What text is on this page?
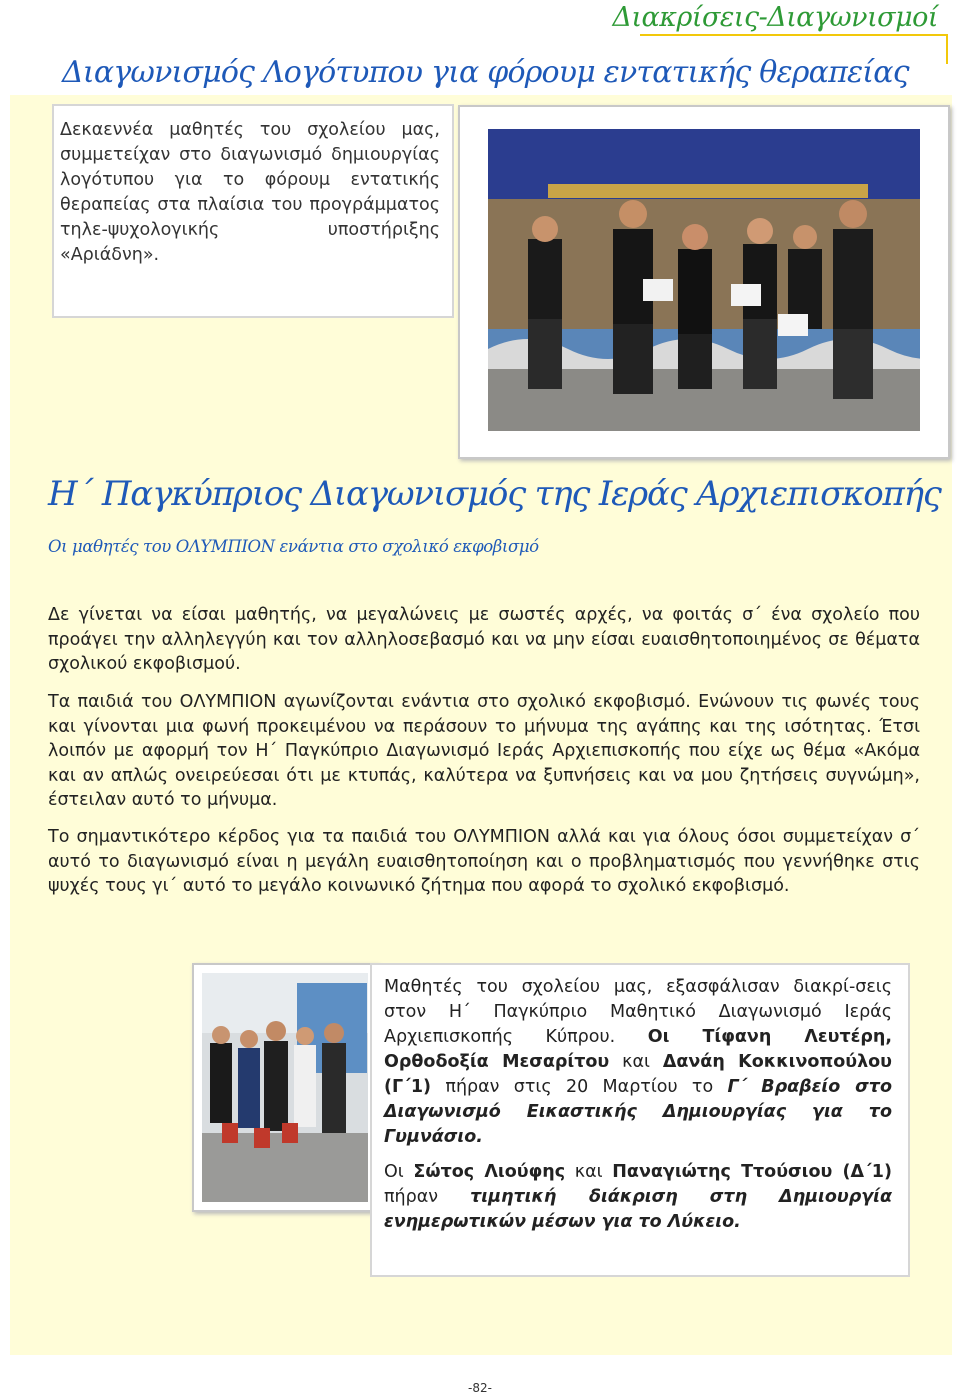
Διακρίσεις-Διαγωνισμοί
Διαγωνισμός Λογότυπου για φόρουμ εντατικής θεραπείας
Δεκαεννέα μαθητές του σχολείου μας, συμμετείχαν στο διαγωνισμό δημιουργίας λογότυπου για το φόρουμ εντατικής θεραπείας στα πλαίσια του προγράμματος τηλε-ψυχολογικής υποστήριξης «Αριάδνη».
Η΄ Παγκύπριος Διαγωνισμός της Ιεράς Αρχιεπισκοπής
Οι μαθητές του ΟΛΥΜΠΙΟΝ ενάντια στο σχολικό εκφοβισμό
Δε γίνεται να είσαι μαθητής, να μεγαλώνεις με σωστές αρχές, να φοιτάς σ΄ ένα σχολείο που προάγει την αλληλεγγύη και τον αλληλοσεβασμό και να μην είσαι ευαισθητοποιημένος σε θέματα σχολικού εκφοβισμού.
Τα παιδιά του ΟΛΥΜΠΙΟΝ αγωνίζονται ενάντια στο σχολικό εκφοβισμό. Ενώνουν τις φωνές τους και γίνονται μια φωνή προκειμένου να περάσουν το μήνυμα της αγάπης και της ισότητας. Έτσι λοιπόν με αφορμή τον Η΄ Παγκύπριο Διαγωνισμό Ιεράς Αρχιεπισκοπής που είχε ως θέμα «Ακόμα και αν απλώς ονειρεύεσαι ότι με κτυπάς, καλύτερα να ξυπνήσεις και να μου ζητήσεις συγνώμη», έστειλαν αυτό το μήνυμα.
Το σημαντικότερο κέρδος για τα παιδιά του ΟΛΥΜΠΙΟΝ αλλά και για όλους όσοι συμμετείχαν σ΄ αυτό το διαγωνισμό είναι η μεγάλη ευαισθητοποίηση και ο προβληματισμός που γεννήθηκε στις ψυχές τους γι΄ αυτό το μεγάλο κοινωνικό ζήτημα που αφορά το σχολικό εκφοβισμό.
Μαθητές του σχολείου μας, εξασφάλισαν διακρί-σεις στον Η΄ Παγκύπριο Μαθητικό Διαγωνισμό Ιεράς Αρχιεπισκοπής Κύπρου. Οι Τίφανη Λευτέρη, Ορθοδοξία Μεσαρίτου και Δανάη Κοκκινοπούλου (Γ΄1) πήραν στις 20 Μαρτίου το Γ΄ Βραβείο στο Διαγωνισμό Εικαστικής Δημιουργίας για το Γυμνάσιο.
Οι Σώτος Λιούφης και Παναγιώτης Ττούσιου (Δ΄1) πήραν τιμητική διάκριση στη Δημιουργία ενημερωτικών μέσων για το Λύκειο.
-82-
